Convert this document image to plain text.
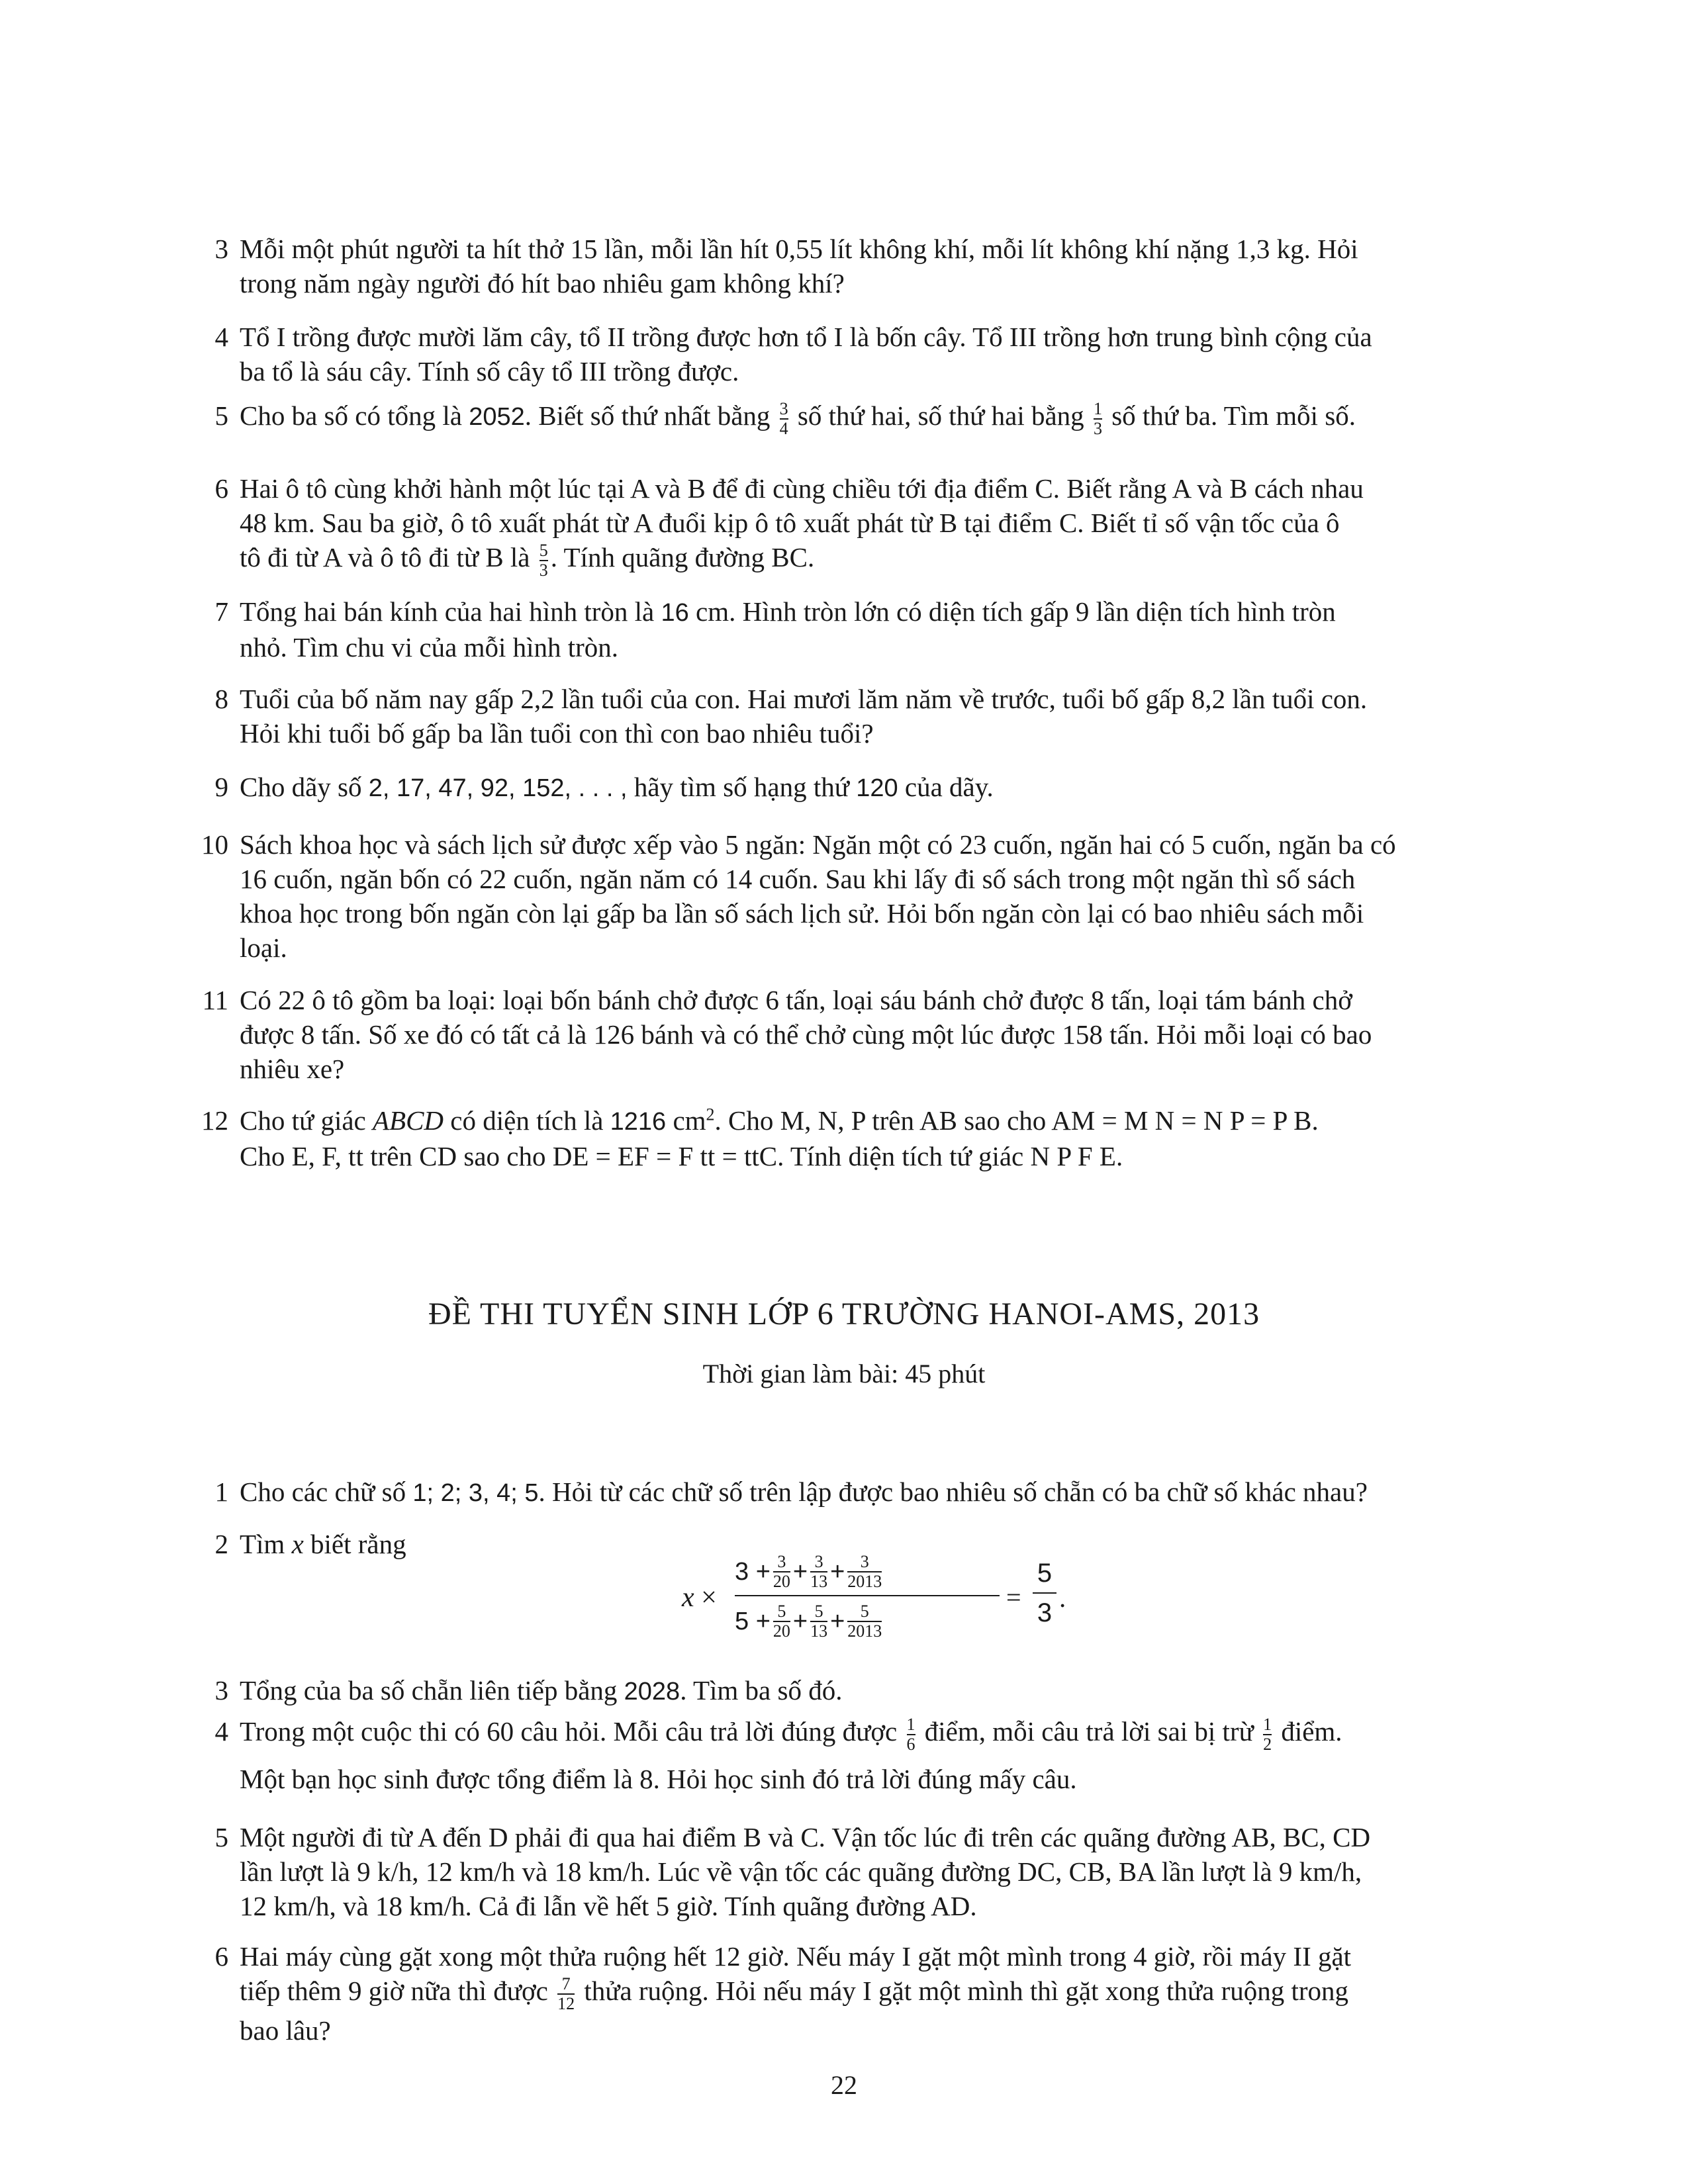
3 Mỗi một phút người ta hít thở 15 lần, mỗi lần hít 0,55 lít không khí, mỗi lít không khí nặng 1,3 kg. Hỏi
trong năm ngày người đó hít bao nhiêu gam không khí?
4 Tổ I trồng được mười lăm cây, tổ II trồng được hơn tổ I là bốn cây. Tổ III trồng hơn trung bình cộng của
ba tổ là sáu cây. Tính số cây tổ III trồng được.
5 Cho ba số có tổng là 2052. Biết số thứ nhất bằng $\frac{3}{4}$ số thứ hai, số thứ hai bằng $\frac{1}{3}$ số thứ ba. Tìm mỗi số.
6 Hai ô tô cùng khởi hành một lúc tại A và B để đi cùng chiều tới địa điểm C. Biết rằng A và B cách nhau
48 km. Sau ba giờ, ô tô xuất phát từ A đuổi kịp ô tô xuất phát từ B tại điểm C. Biết tỉ số vận tốc của ô
tô đi từ A và ô tô đi từ B là $\frac{5}{3}$ . Tính quãng đường BC.
7 Tổng hai bán kính của hai hình tròn là 16 cm. Hình tròn lớn có diện tích gấp 9 lần diện tích hình tròn
nhỏ. Tìm chu vi của mỗi hình tròn.
8 Tuổi của bố năm nay gấp 2,2 lần tuổi của con. Hai mươi lăm năm về trước, tuổi bố gấp 8,2 lần tuổi con.
Hỏi khi tuổi bố gấp ba lần tuổi con thì con bao nhiêu tuổi?
9 Cho dãy số 2, 17, 47, 92, 152, . . . , hãy tìm số hạng thứ 120 của dãy.
10 Sách khoa học và sách lịch sử được xếp vào 5 ngăn: Ngăn một có 23 cuốn, ngăn hai có 5 cuốn, ngăn ba có
16 cuốn, ngăn bốn có 22 cuốn, ngăn năm có 14 cuốn. Sau khi lấy đi số sách trong một ngăn thì số sách
khoa học trong bốn ngăn còn lại gấp ba lần số sách lịch sử. Hỏi bốn ngăn còn lại có bao nhiêu sách mỗi
loại.
11 Có 22 ô tô gồm ba loại: loại bốn bánh chở được 6 tấn, loại sáu bánh chở được 8 tấn, loại tám bánh chở
được 8 tấn. Số xe đó có tất cả là 126 bánh và có thể chở cùng một lúc được 158 tấn. Hỏi mỗi loại có bao
nhiêu xe?
12 Cho tứ giác ABCD có diện tích là 1216 $cm^2$. Cho M, N, P trên AB sao cho AM = M N = N P = P B.
Cho E, F, tt trên CD sao cho DE = EF = F tt = ttC. Tính diện tích tứ giác N P F E.
ĐỀ THI TUYỂN SINH LỚP 6 TRƯỜNG HANOI-AMS, 2013
Thời gian làm bài: 45 phút
1 Cho các chữ số 1; 2; 3, 4; 5. Hỏi từ các chữ số trên lập được bao nhiêu số chẵn có ba chữ số khác nhau?
2 Tìm x biết rằng
x ×
$3 + \frac{3}{20} + \frac{3}{13} + \frac{3}{2013}$
$5 + \frac{5}{20} + \frac{5}{13} + \frac{5}{2013}$
= $\frac{5}{3}$ .
3 Tổng của ba số chẵn liên tiếp bằng 2028. Tìm ba số đó.
4 Trong một cuộc thi có 60 câu hỏi. Mỗi câu trả lời đúng được $\frac{1}{6}$ điểm, mỗi câu trả lời sai bị trừ $\frac{1}{2}$ điểm.
Một bạn học sinh được tổng điểm là 8. Hỏi học sinh đó trả lời đúng mấy câu.
5 Một người đi từ A đến D phải đi qua hai điểm B và C. Vận tốc lúc đi trên các quãng đường AB, BC, CD
lần lượt là 9 k/h, 12 km/h và 18 km/h. Lúc về vận tốc các quãng đường DC, CB, BA lần lượt là 9 km/h,
12 km/h, và 18 km/h. Cả đi lẫn về hết 5 giờ. Tính quãng đường AD.
6 Hai máy cùng gặt xong một thửa ruộng hết 12 giờ. Nếu máy I gặt một mình trong 4 giờ, rồi máy II gặt
tiếp thêm 9 giờ nữa thì được $\frac{7}{12}$ thửa ruộng. Hỏi nếu máy I gặt một mình thì gặt xong thửa ruộng trong
bao lâu?
22
